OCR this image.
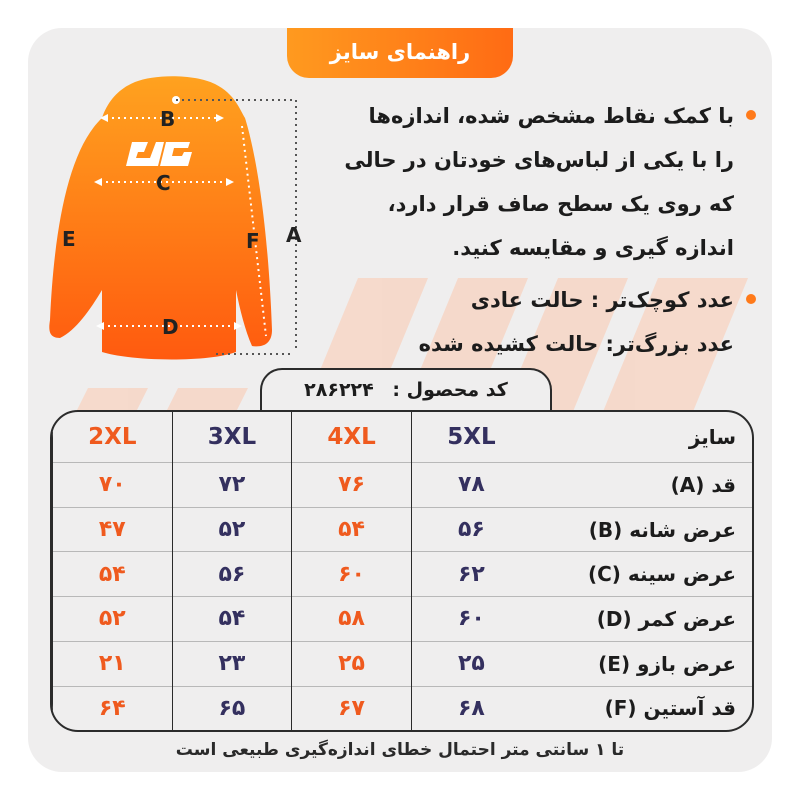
راهنمای سایز
B
C
D
E	F A
با کمک نقاط مشخص شده، اندازه‌ها
را با یکی از لباس‌های خودتان در حالی
که روی یک سطح صاف قرار دارد،
اندازه گیری و مقایسه کنید.
عدد کوچک‌تر : حالت عادی
عدد بزرگ‌تر: حالت کشیده شده
کد محصول : ۲۸۶۲۲۴
2XL	3XL	4XL	5XL	سایز
۷۰	۷۲	۷۶	۷۸	قد (A)
۴۷	۵۲	۵۴	۵۶	عرض شانه (B)
۵۴	۵۶	۶۰	۶۲	عرض سینه (C)
۵۲	۵۴	۵۸	۶۰	عرض کمر (D)
۲۱	۲۳	۲۵	۲۵	عرض بازو (E)
۶۴	۶۵	۶۷	۶۸	قد آستین (F)
تا ۱ سانتی متر احتمال خطای اندازه‌گیری طبیعی است
